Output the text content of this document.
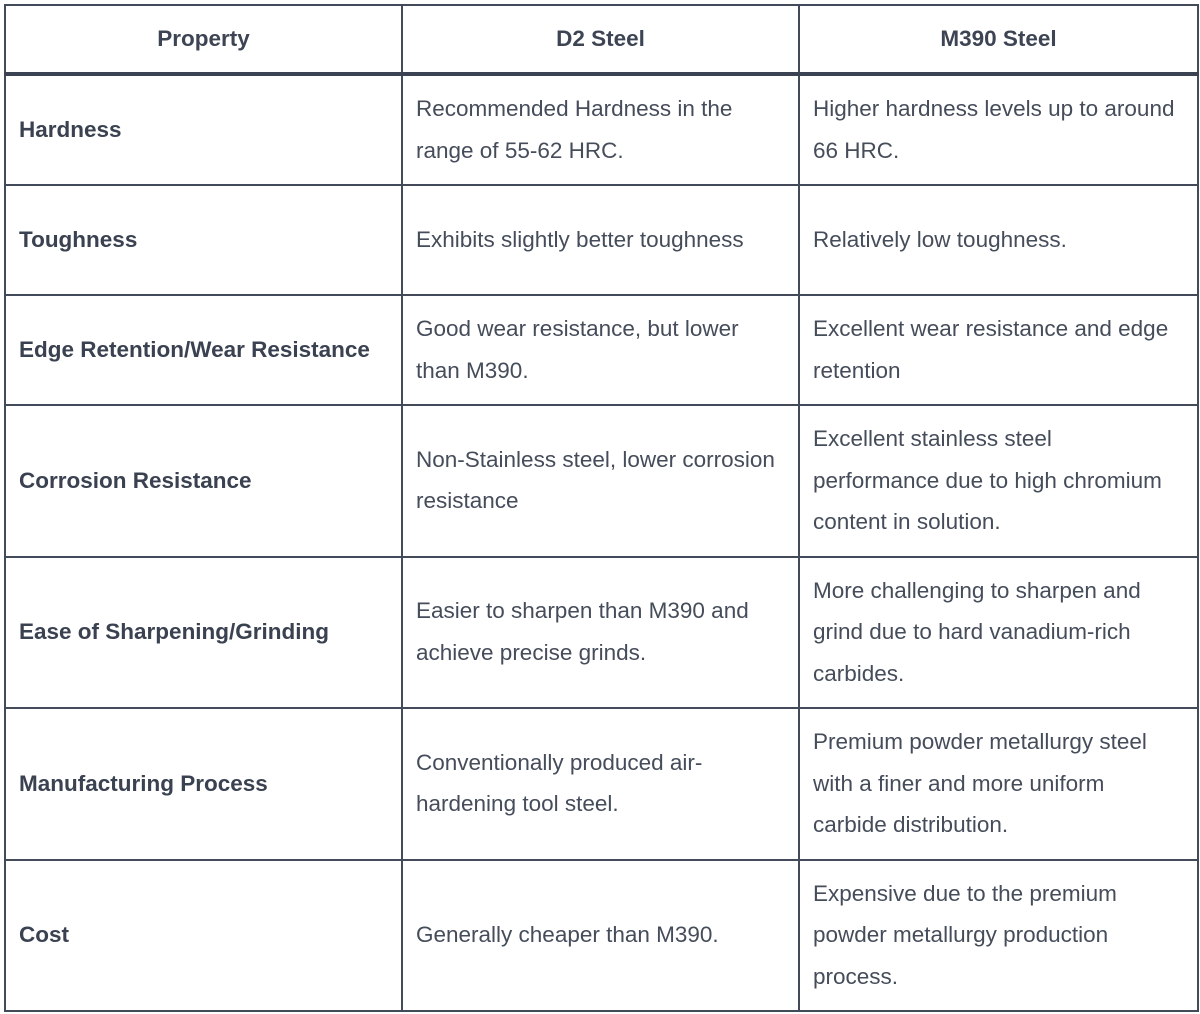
Property	D2 Steel	M390 Steel
Hardness	Recommended Hardness in the range of 55-62 HRC.	Higher hardness levels up to around 66 HRC.
Toughness	Exhibits slightly better toughness	Relatively low toughness.
Edge Retention/Wear Resistance	Good wear resistance, but lower than M390.	Excellent wear resistance and edge retention
Corrosion Resistance	Non-Stainless steel, lower corrosion resistance	Excellent stainless steel performance due to high chromium content in solution.
Ease of Sharpening/Grinding	Easier to sharpen than M390 and achieve precise grinds.	More challenging to sharpen and grind due to hard vanadium-rich carbides.
Manufacturing Process	Conventionally produced air-hardening tool steel.	Premium powder metallurgy steel with a finer and more uniform carbide distribution.
Cost	Generally cheaper than M390.	Expensive due to the premium powder metallurgy production process.
